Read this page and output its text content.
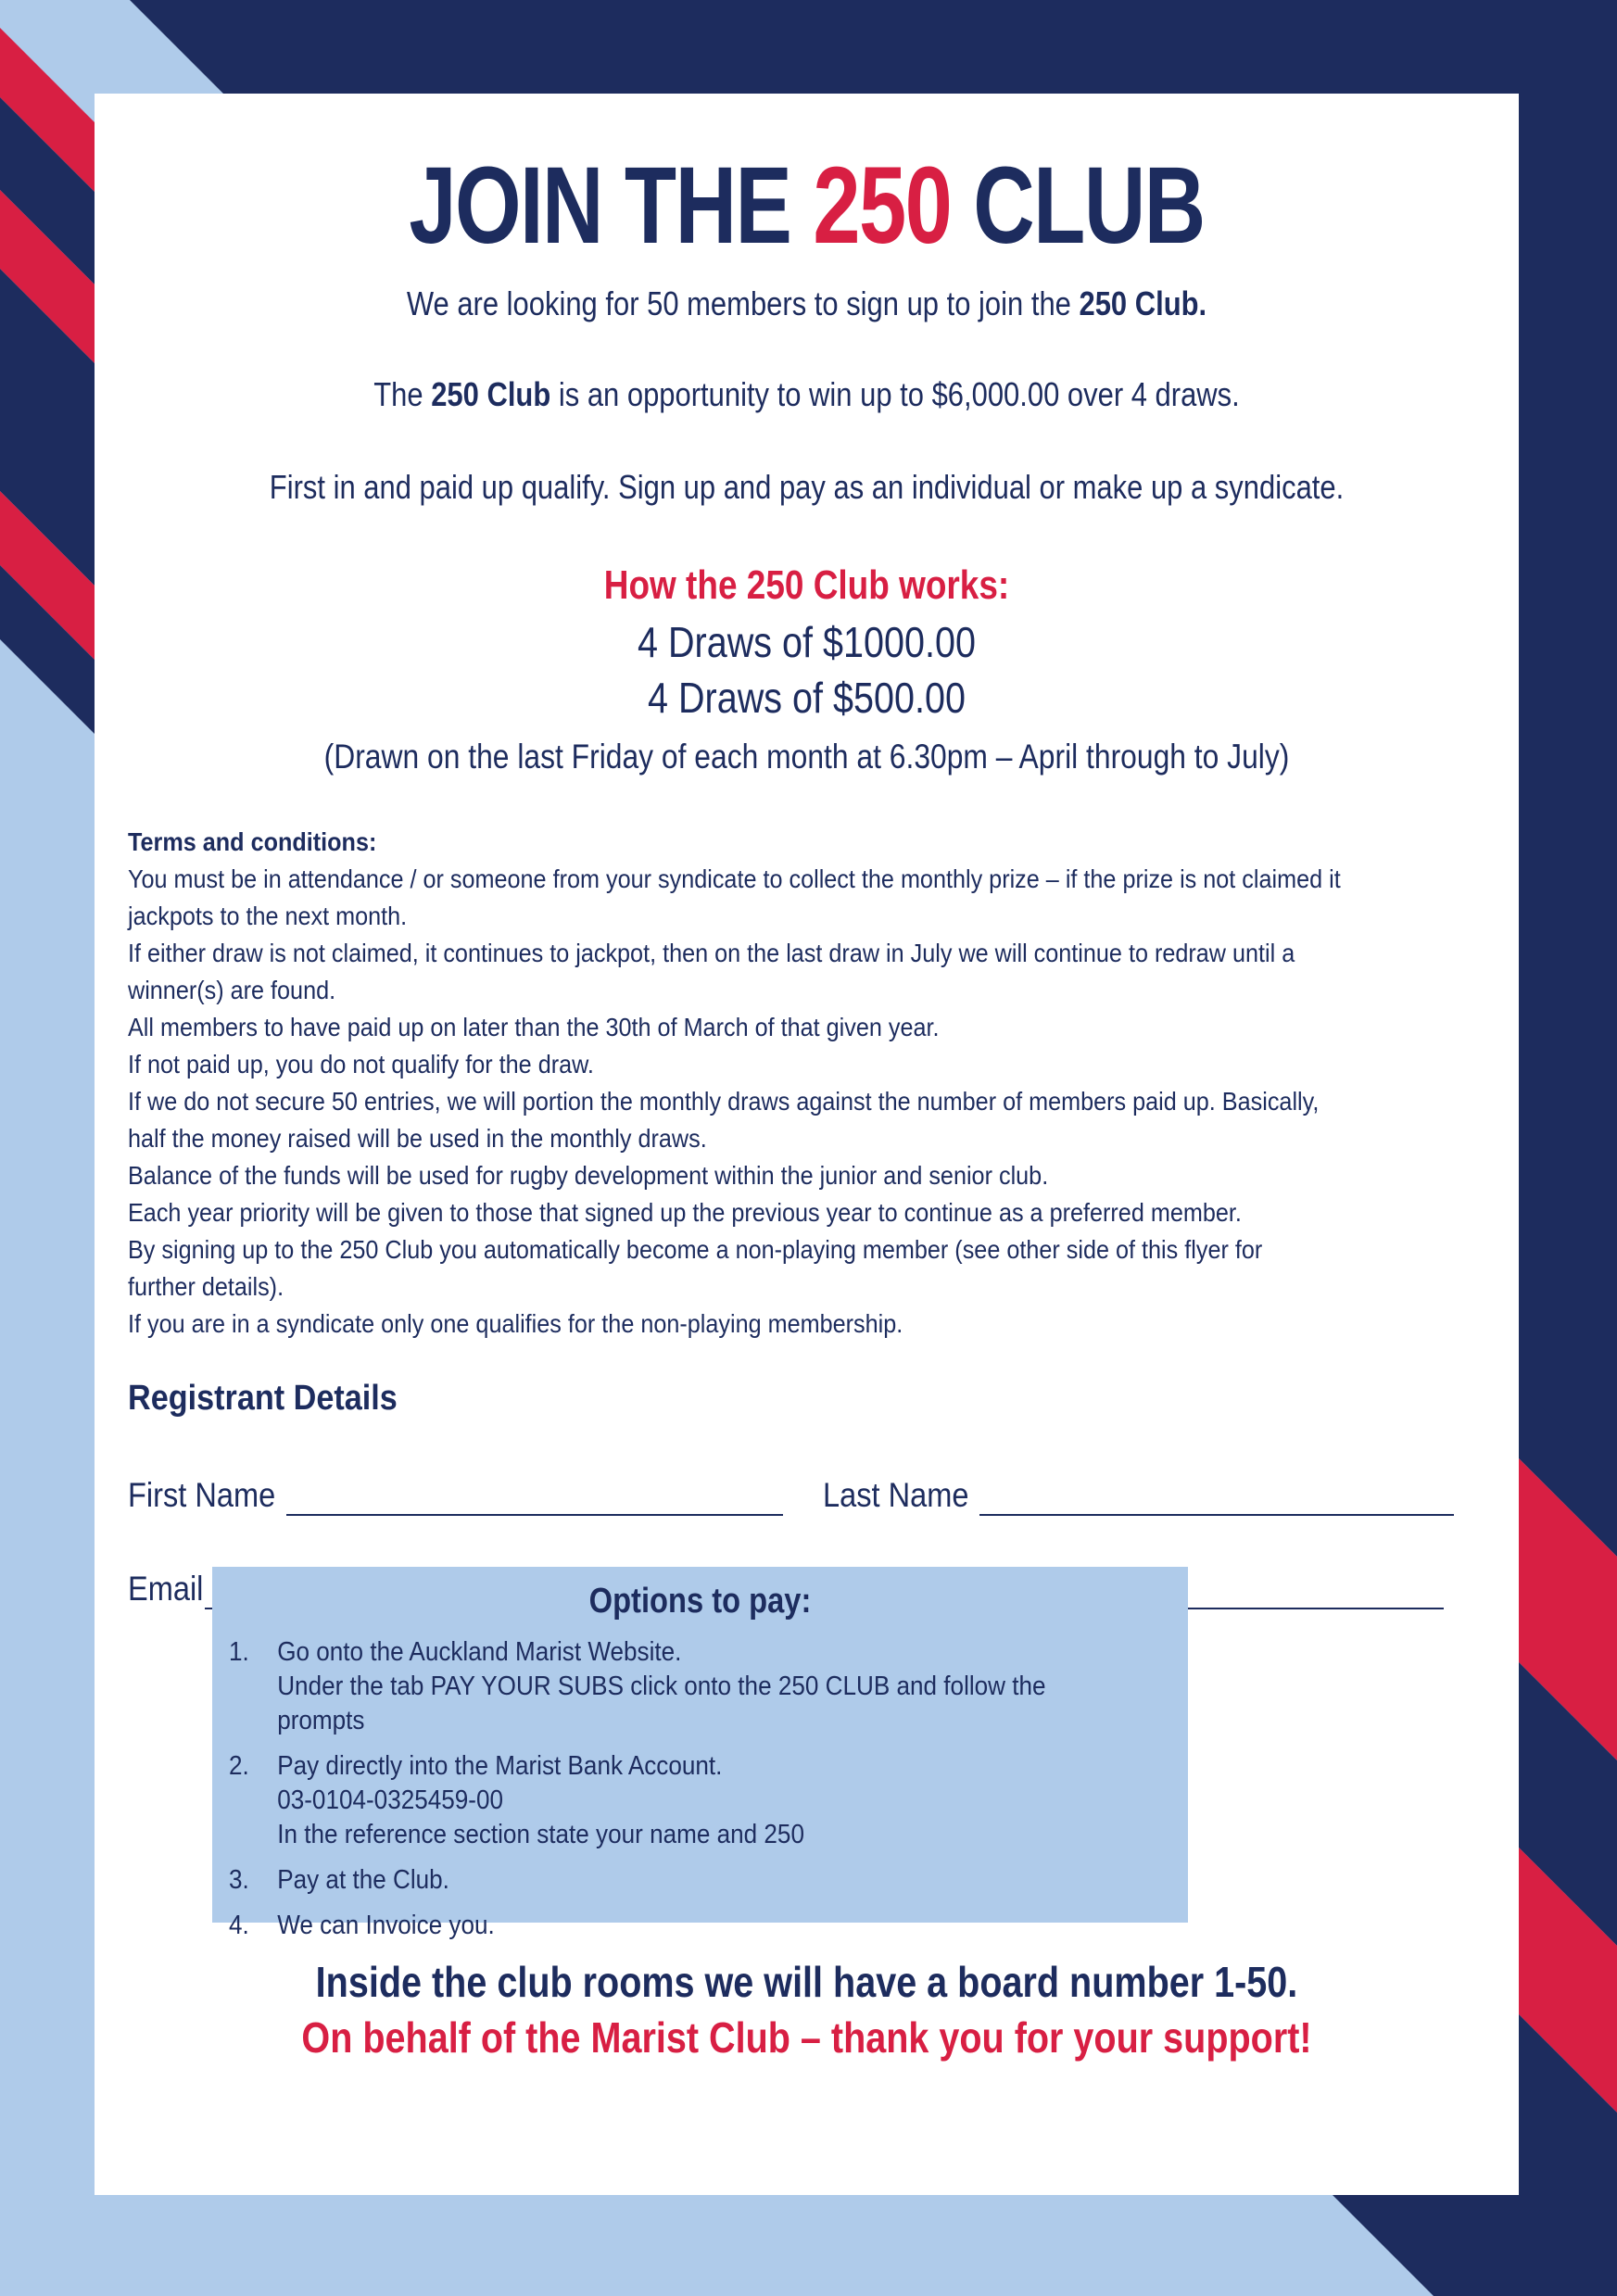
JOIN THE 250 CLUB
We are looking for 50 members to sign up to join the 250 Club.
The 250 Club is an opportunity to win up to $6,000.00 over 4 draws.
First in and paid up qualify. Sign up and pay as an individual or make up a syndicate.
How the 250 Club works:
4 Draws of $1000.00
4 Draws of $500.00
(Drawn on the last Friday of each month at 6.30pm – April through to July)
Terms and conditions:
You must be in attendance / or someone from your syndicate to collect the monthly prize – if the prize is not claimed it
jackpots to the next month.
If either draw is not claimed, it continues to jackpot, then on the last draw in July we will continue to redraw until a
winner(s) are found.
All members to have paid up on later than the 30th of March of that given year.
If not paid up, you do not qualify for the draw.
If we do not secure 50 entries, we will portion the monthly draws against the number of members paid up. Basically,
half the money raised will be used in the monthly draws.
Balance of the funds will be used for rugby development within the junior and senior club.
Each year priority will be given to those that signed up the previous year to continue as a preferred member.
By signing up to the 250 Club you automatically become a non-playing member (see other side of this flyer for
further details).
If you are in a syndicate only one qualifies for the non-playing membership.
Registrant Details
First Name	Last Name
Email	Options to pay:
1.	Go onto the Auckland Marist Website.
Under the tab PAY YOUR SUBS click onto the 250 CLUB and follow the prompts
2.	Pay directly into the Marist Bank Account.
03-0104-0325459-00
In the reference section state your name and 250
3.	Pay at the Club.
4.	We can Invoice you.
Inside the club rooms we will have a board number 1-50.
On behalf of the Marist Club – thank you for your support!
